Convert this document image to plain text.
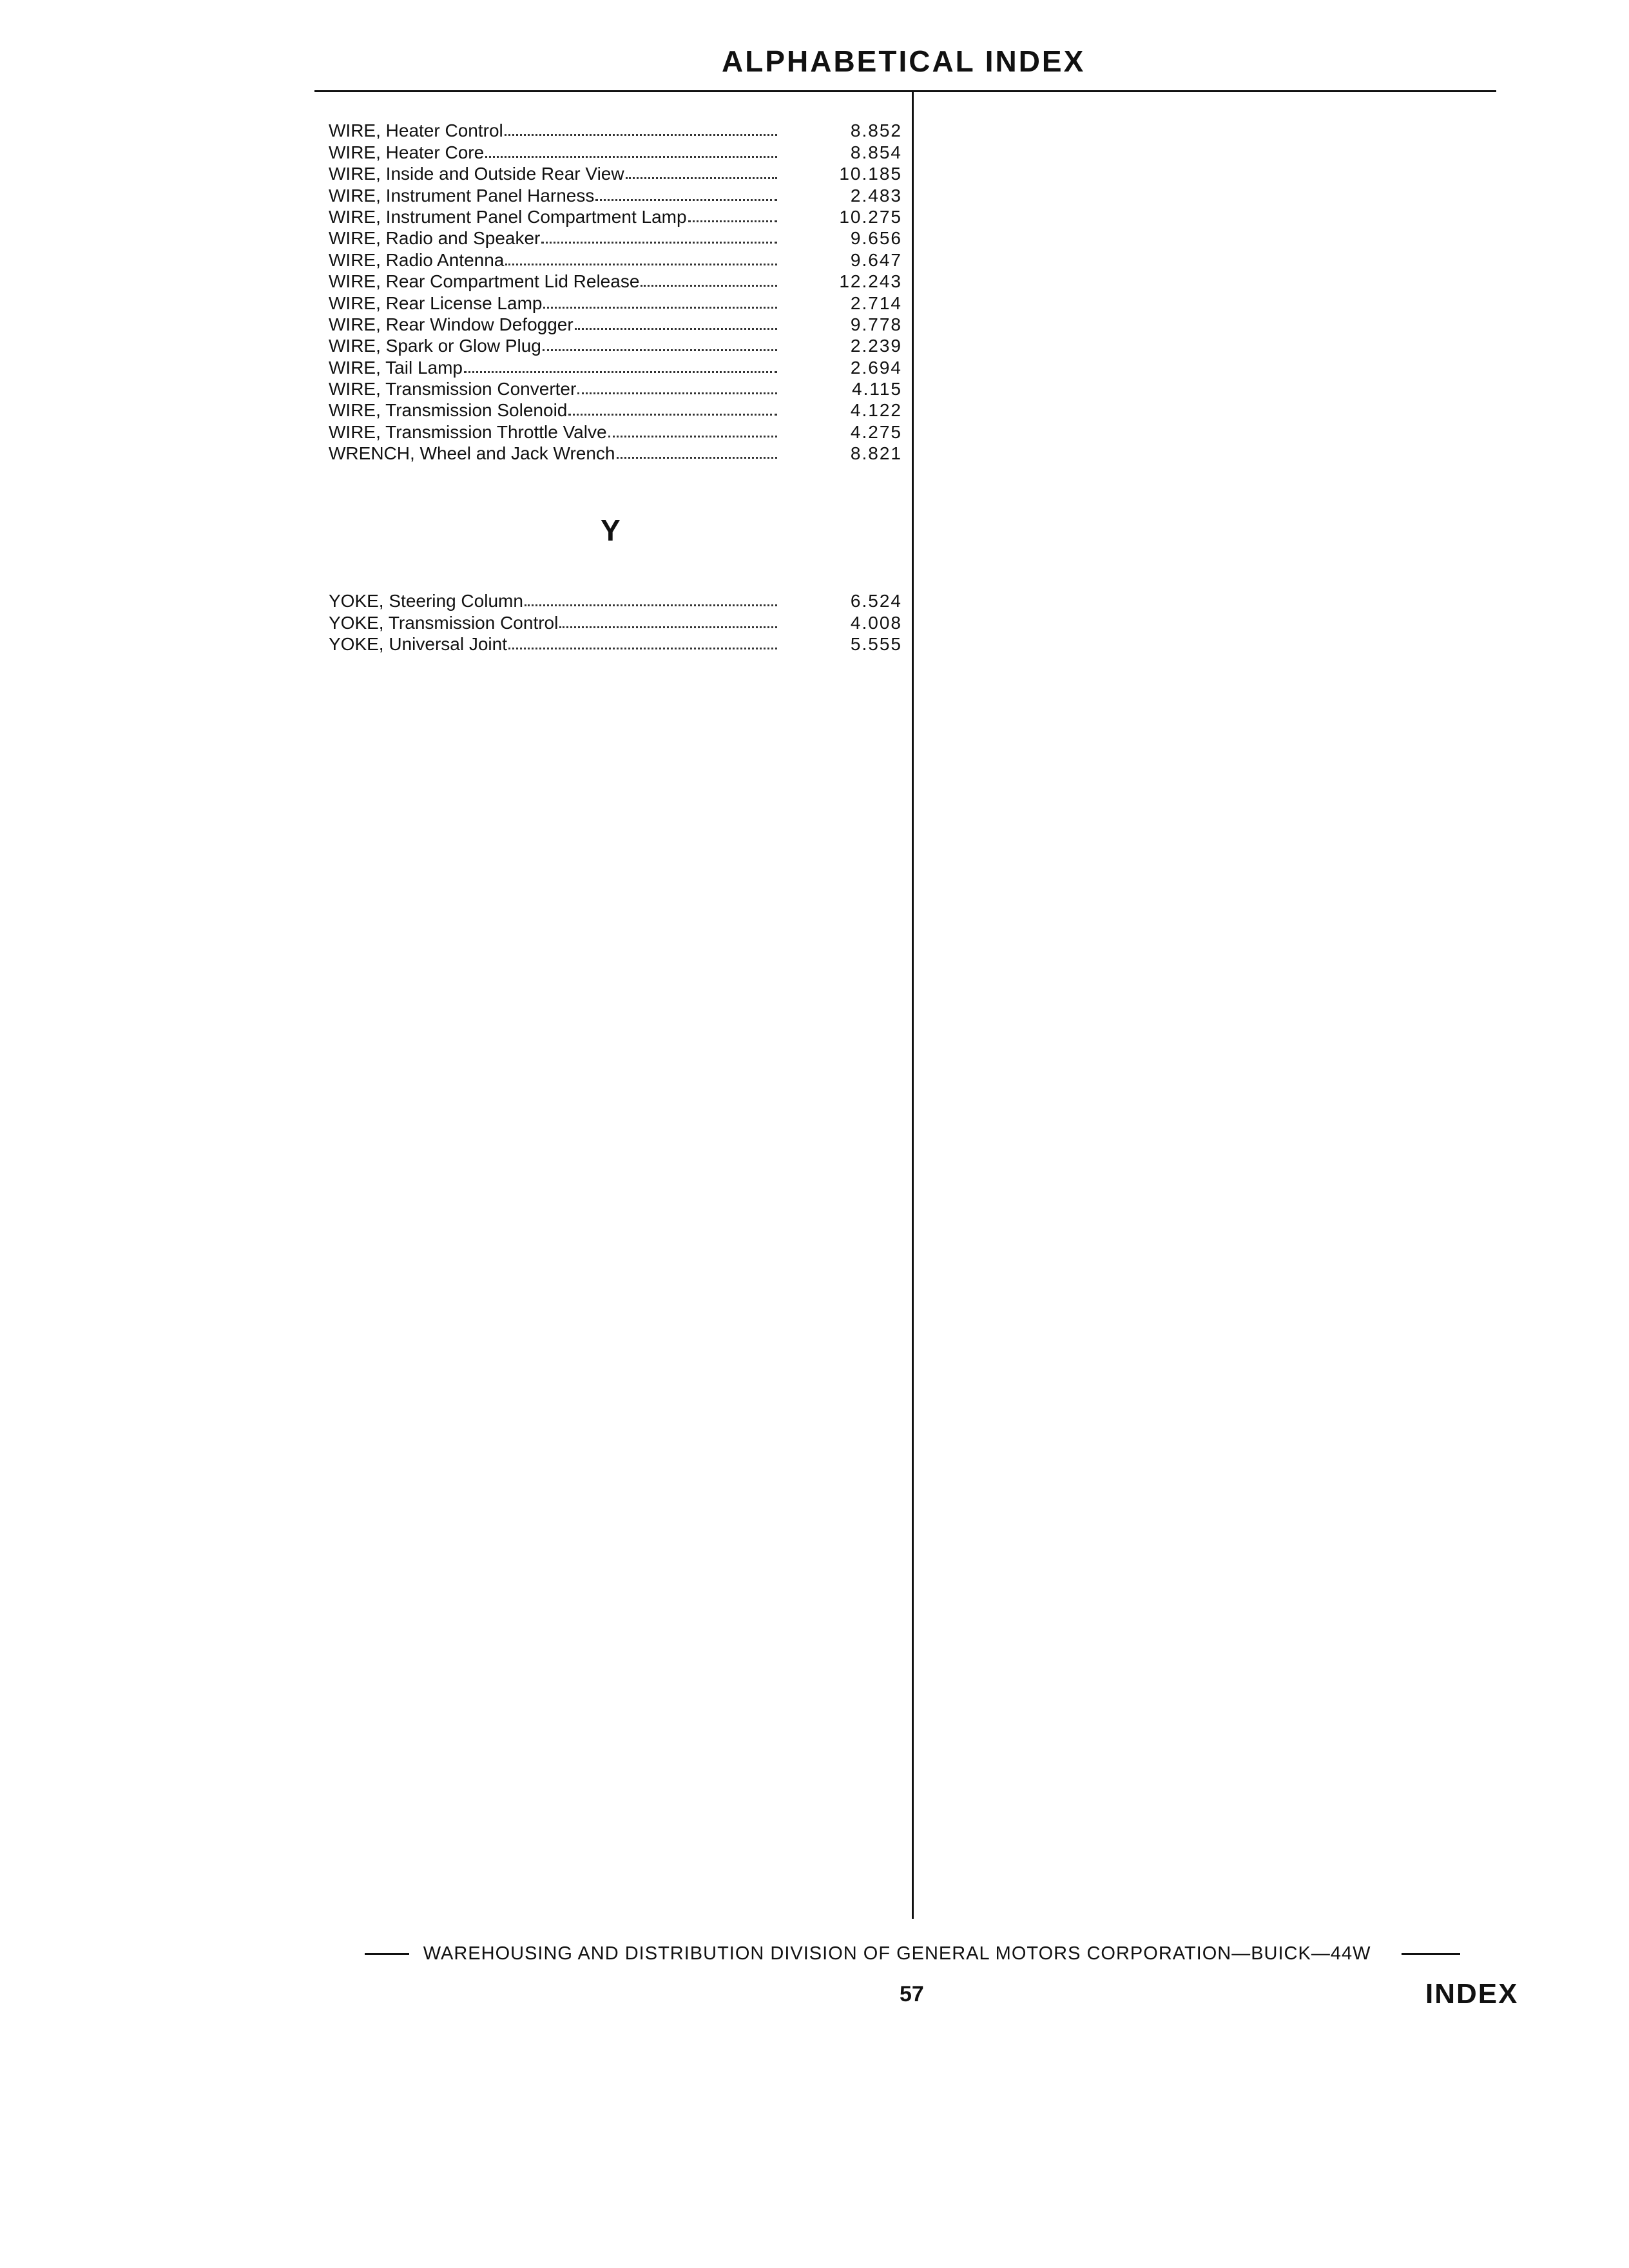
ALPHABETICAL INDEX
WIRE, Heater Control	8.852
WIRE, Heater Core	8.854
WIRE, Inside and Outside Rear View	10.185
WIRE, Instrument Panel Harness	2.483
WIRE, Instrument Panel Compartment Lamp	10.275
WIRE, Radio and Speaker	9.656
WIRE, Radio Antenna	9.647
WIRE, Rear Compartment Lid Release	12.243
WIRE, Rear License Lamp	2.714
WIRE, Rear Window Defogger	9.778
WIRE, Spark or Glow Plug	2.239
WIRE, Tail Lamp	2.694
WIRE, Transmission Converter	4.115
WIRE, Transmission Solenoid	4.122
WIRE, Transmission Throttle Valve	4.275
WRENCH, Wheel and Jack Wrench	8.821
Y
YOKE, Steering Column	6.524
YOKE, Transmission Control	4.008
YOKE, Universal Joint	5.555
WAREHOUSING AND DISTRIBUTION DIVISION OF GENERAL MOTORS CORPORATION—BUICK—44W
57	INDEX
